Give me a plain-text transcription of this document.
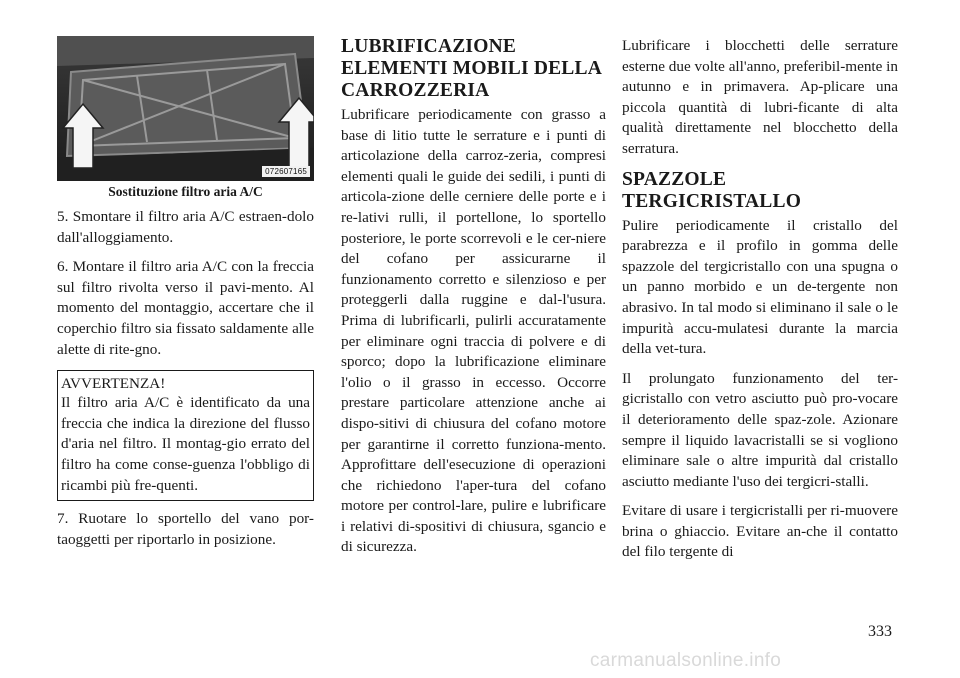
072607165
Sostituzione filtro aria A/C

5. Smontare il filtro aria A/C estraen-dolo dall'alloggiamento.

6. Montare il filtro aria A/C con la freccia sul filtro rivolta verso il pavi-mento. Al momento del montaggio, accertare che il coperchio filtro sia fissato saldamente alle alette di rite-gno.

AVVERTENZA!

Il filtro aria A/C è identificato da una freccia che indica la direzione del flusso d'aria nel filtro. Il montag-gio errato del filtro ha come conse-guenza l'obbligo di ricambi più fre-quenti.

7. Ruotare lo sportello del vano por-taoggetti per riportarlo in posizione.

LUBRIFICAZIONE ELEMENTI MOBILI DELLA CARROZZERIA

Lubrificare periodicamente con grasso a base di litio tutte le serrature e i punti di articolazione della carroz-zeria, compresi elementi quali le guide dei sedili, i punti di articola-zione delle cerniere delle porte e i re-lativi rulli, il portellone, lo sportello posteriore, le porte scorrevoli e le cer-niere del cofano per assicurarne il funzionamento corretto e silenzioso e per proteggerli dalla ruggine e dal-l'usura. Prima di lubrificarli, pulirli accuratamente per eliminare ogni traccia di polvere e di sporco; dopo la lubrificazione eliminare l'olio o il grasso in eccesso. Occorre prestare particolare attenzione anche ai dispo-sitivi di chiusura del cofano motore per garantirne il corretto funziona-mento. Approfittare dell'esecuzione di operazioni che richiedono l'aper-tura del cofano motore per control-lare, pulire e lubrificare i relativi di-spositivi di chiusura, sgancio e di sicurezza.

Lubrificare i blocchetti delle serrature esterne due volte all'anno, preferibil-mente in autunno e in primavera. Ap-plicare una piccola quantità di lubri-ficante di alta qualità direttamente nel blocchetto della serratura.

SPAZZOLE TERGICRISTALLO

Pulire periodicamente il cristallo del parabrezza e il profilo in gomma delle spazzole del tergicristallo con una spugna o un panno morbido e un de-tergente non abrasivo. In tal modo si eliminano il sale o le impurità accu-mulatesi durante la marcia della vet-tura.

Il prolungato funzionamento del ter-gicristallo con vetro asciutto può pro-vocare il deterioramento delle spaz-zole. Azionare sempre il liquido lavacristalli se si vogliono eliminare sale o altre impurità dal cristallo asciutto mediante l'uso dei tergicri-stalli.

Evitare di usare i tergicristalli per ri-muovere brina o ghiaccio. Evitare an-che il contatto del filo tergente di

333
carmanualsonline.info
